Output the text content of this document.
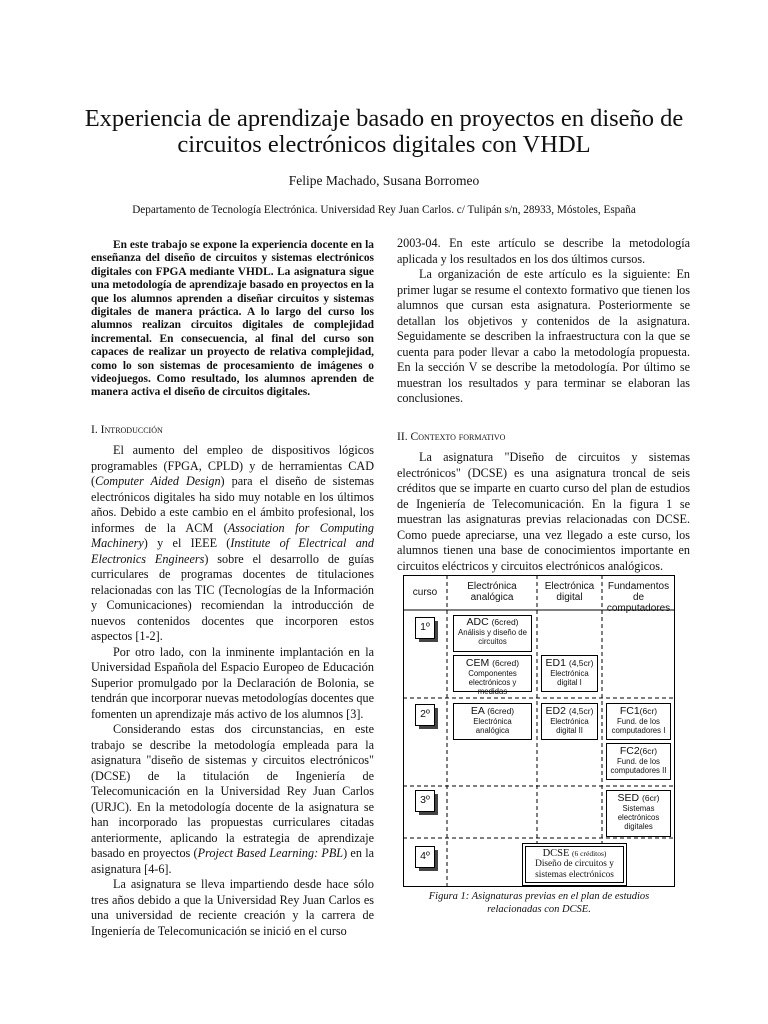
Experiencia de aprendizaje basado en proyectos en diseño de
circuitos electrónicos digitales con VHDL
Felipe Machado, Susana Borromeo
Departamento de Tecnología Electrónica. Universidad Rey Juan Carlos. c/ Tulipán s/n, 28933, Móstoles, España

En este trabajo se expone la experiencia docente en la enseñanza del diseño de circuitos y sistemas electrónicos digitales con FPGA mediante VHDL. La asignatura sigue una metodología de aprendizaje basado en proyectos en la que los alumnos aprenden a diseñar circuitos y sistemas digitales de manera práctica. A lo largo del curso los alumnos realizan circuitos digitales de complejidad incremental. En consecuencia, al final del curso son capaces de realizar un proyecto de relativa complejidad, como lo son sistemas de procesamiento de imágenes o videojuegos. Como resultado, los alumnos aprenden de manera activa el diseño de circuitos digitales.

I. Introducción

El aumento del empleo de dispositivos lógicos programables (FPGA, CPLD) y de herramientas CAD (Computer Aided Design) para el diseño de sistemas electrónicos digitales ha sido muy notable en los últimos años. Debido a este cambio en el ámbito profesional, los informes de la ACM (Association for Computing Machinery) y el IEEE (Institute of Electrical and Electronics Engineers) sobre el desarrollo de guías curriculares de programas docentes de titulaciones relacionadas con las TIC (Tecnologías de la Información y Comunicaciones) recomiendan la introducción de nuevos contenidos docentes que incorporen estos aspectos [1-2].

Por otro lado, con la inminente implantación en la Universidad Española del Espacio Europeo de Educación Superior promulgado por la Declaración de Bolonia, se tendrán que incorporar nuevas metodologías docentes que fomenten un aprendizaje más activo de los alumnos [3].

Considerando estas dos circunstancias, en este trabajo se describe la metodología empleada para la asignatura "diseño de sistemas y circuitos electrónicos" (DCSE) de la titulación de Ingeniería de Telecomunicación en la Universidad Rey Juan Carlos (URJC). En la metodología docente de la asignatura se han incorporado las propuestas curriculares citadas anteriormente, aplicando la estrategia de aprendizaje basado en proyectos (Project Based Learning: PBL) en la asignatura [4-6].

La asignatura se lleva impartiendo desde hace sólo tres años debido a que la Universidad Rey Juan Carlos es una universidad de reciente creación y la carrera de Ingeniería de Telecomunicación se inició en el curso

2003-04. En este artículo se describe la metodología aplicada y los resultados en los dos últimos cursos.

La organización de este artículo es la siguiente: En primer lugar se resume el contexto formativo que tienen los alumnos que cursan esta asignatura. Posteriormente se detallan los objetivos y contenidos de la asignatura. Seguidamente se describen la infraestructura con la que se cuenta para poder llevar a cabo la metodología propuesta. En la sección V se describe la metodología. Por último se muestran los resultados y para terminar se elaboran las conclusiones.

II. Contexto formativo

La asignatura "Diseño de circuitos y sistemas electrónicos" (DCSE) es una asignatura troncal de seis créditos que se imparte en cuarto curso del plan de estudios de Ingeniería de Telecomunicación. En la figura 1 se muestran las asignaturas previas relacionadas con DCSE. Como puede apreciarse, una vez llegado a este curso, los alumnos tienen una base de conocimientos importante en circuitos eléctricos y circuitos electrónicos analógicos.

curso
Electrónica
analógica
Electrónica
digital
Fundamentos
de computadores
1º
2º
3º
4º
ADC (6cred)
Análisis y diseño de
circuitos
CEM (6cred)
Componentes
electrónicos y medidas
ED1 (4,5cr)
Electrónica
digital I
EA (6cred)
Electrónica
analógica
ED2 (4,5cr)
Electrónica
digital II
FC1(6cr)
Fund. de los
computadores I
FC2(6cr)
Fund. de los
computadores II
SED (6cr)
Sistemas
electrónicos
digitales
DCSE (6 créditos)
Diseño de circuitos y
sistemas electrónicos
Figura 1: Asignaturas previas en el plan de estudios relacionadas con DCSE.
